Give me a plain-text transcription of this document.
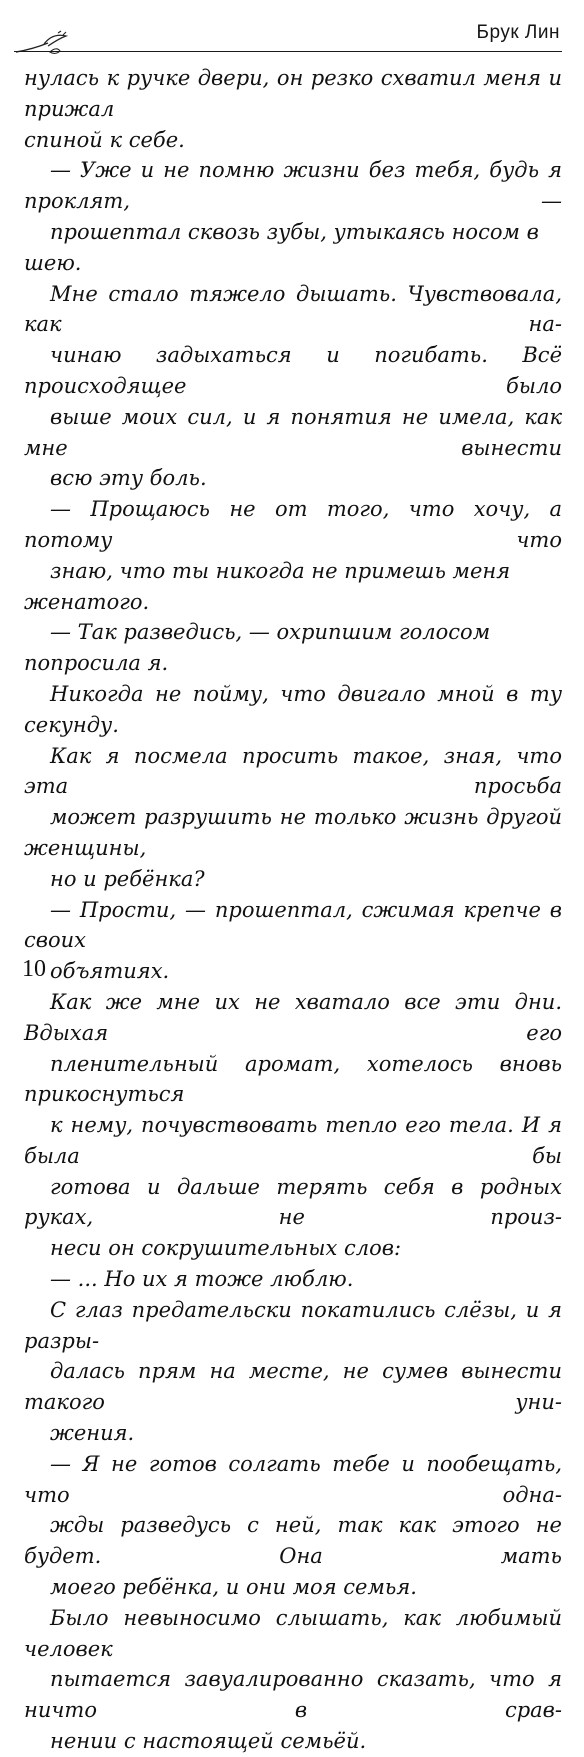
Брук Лин

нулась к ручке двери, он резко схватил меня и прижал
спиной к себе.

— Уже и не помню жизни без тебя, будь я проклят, —
прошептал сквозь зубы, утыкаясь носом в шею.

Мне стало тяжело дышать. Чувствовала, как на-
чинаю задыхаться и погибать. Всё происходящее было
выше моих сил, и я понятия не имела, как мне вынести
всю эту боль.

— Прощаюсь не от того, что хочу, а потому что
знаю, что ты никогда не примешь меня женатого.

— Так разведись, — охрипшим голосом попросила я.

Никогда не пойму, что двигало мной в ту секунду.
Как я посмела просить такое, зная, что эта просьба
может разрушить не только жизнь другой женщины,
но и ребёнка?

— Прости, — прошептал, сжимая крепче в своих
объятиях.

Как же мне их не хватало все эти дни. Вдыхая его
пленительный аромат, хотелось вновь прикоснуться
к нему, почувствовать тепло его тела. И я была бы
готова и дальше терять себя в родных руках, не произ-
неси он сокрушительных слов:

— ... Но их я тоже люблю.

С глаз предательски покатились слёзы, и я разры-
далась прям на месте, не сумев вынести такого уни-
жения.

— Я не готов солгать тебе и пообещать, что одна-
жды разведусь с ней, так как этого не будет. Она мать
моего ребёнка, и они моя семья.

Было невыносимо слышать, как любимый человек
пытается завуалированно сказать, что я ничто в срав-
нении с настоящей семьёй.

10
